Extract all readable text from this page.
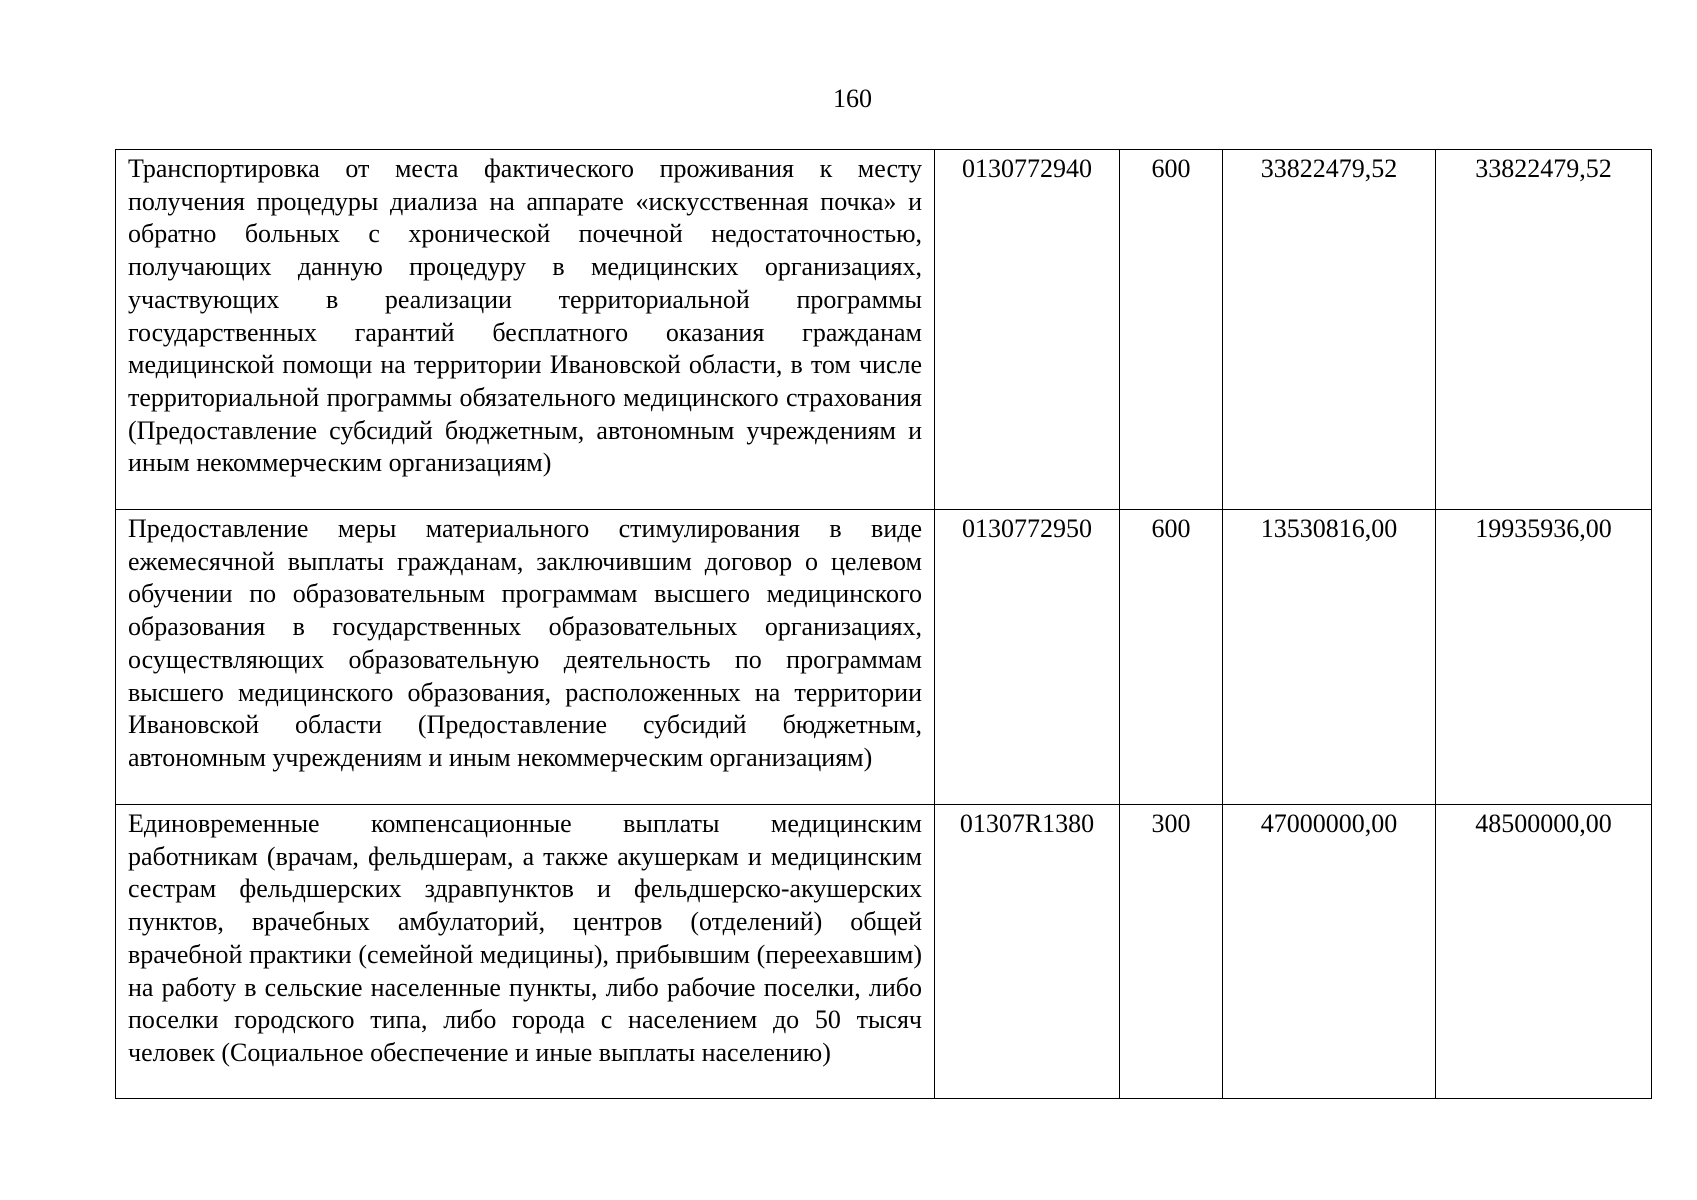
160
Транспортировка от места фактического проживания к месту получения процедуры диализа на аппарате «искусственная почка» и обратно больных с хронической почечной недостаточностью, получающих данную процедуру в медицинских организациях, участвующих в реализации территориальной программы государственных гарантий бесплатного оказания гражданам медицинской помощи на территории Ивановской области, в том числе территориальной программы обязательного медицинского страхования (Предоставление субсидий бюджетным, автономным учреждениям и иным некоммерческим организациям)	0130772940	600	33822479,52	33822479,52
Предоставление меры материального стимулирования в виде ежемесячной выплаты гражданам, заключившим договор о целевом обучении по образовательным программам высшего медицинского образования в государственных образовательных организациях, осуществляющих образовательную деятельность по программам высшего медицинского образования, расположенных на территории Ивановской области (Предоставление субсидий бюджетным, автономным учреждениям и иным некоммерческим организациям)	0130772950	600	13530816,00	19935936,00
Единовременные компенсационные выплаты медицинским работникам (врачам, фельдшерам, а также акушеркам и медицинским сестрам фельдшерских здравпунктов и фельдшерско-акушерских пунктов, врачебных амбулаторий, центров (отделений) общей врачебной практики (семейной медицины), прибывшим (переехавшим) на работу в сельские населенные пункты, либо рабочие поселки, либо поселки городского типа, либо города с населением до 50 тысяч человек (Социальное обеспечение и иные выплаты населению)	01307R1380	300	47000000,00	48500000,00
